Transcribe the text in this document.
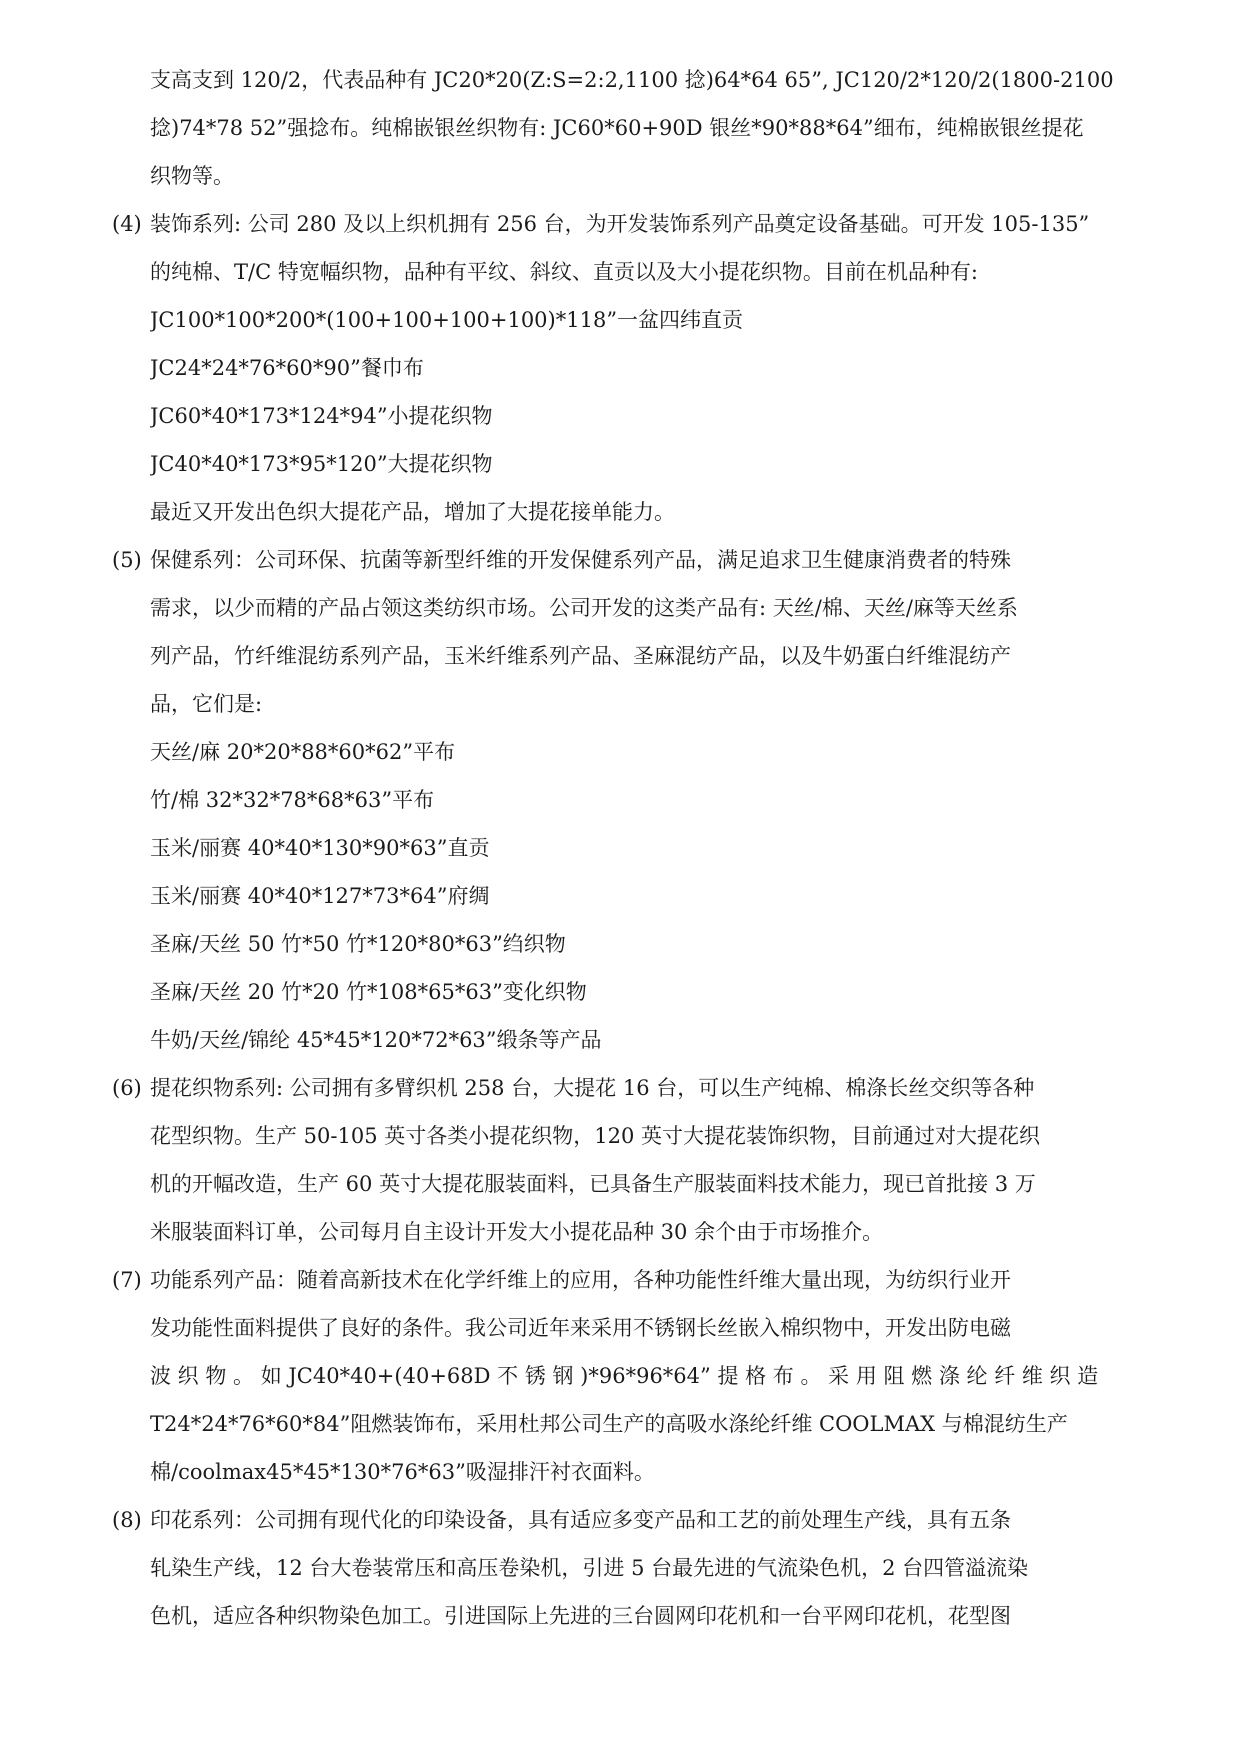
支高支到 120/2，代表品种有 JC20*20(Z:S=2:2,1100 捻)64*64 65”, JC120/2*120/2(1800-2100
捻)74*78 52”强捻布。纯棉嵌银丝织物有: JC60*60+90D 银丝*90*88*64”细布，纯棉嵌银丝提花
织物等。
(4) 装饰系列: 公司 280 及以上织机拥有 256 台，为开发装饰系列产品奠定设备基础。可开发 105-135”
的纯棉、T/C 特宽幅织物，品种有平纹、斜纹、直贡以及大小提花织物。目前在机品种有:
JC100*100*200*(100+100+100+100)*118”一盆四纬直贡
JC24*24*76*60*90”餐巾布
JC60*40*173*124*94”小提花织物
JC40*40*173*95*120”大提花织物
最近又开发出色织大提花产品，增加了大提花接单能力。
(5) 保健系列：公司环保、抗菌等新型纤维的开发保健系列产品，满足追求卫生健康消费者的特殊
需求，以少而精的产品占领这类纺织市场。公司开发的这类产品有: 天丝/棉、天丝/麻等天丝系
列产品，竹纤维混纺系列产品，玉米纤维系列产品、圣麻混纺产品，以及牛奶蛋白纤维混纺产
品，它们是:
天丝/麻 20*20*88*60*62”平布
竹/棉 32*32*78*68*63”平布
玉米/丽赛 40*40*130*90*63”直贡
玉米/丽赛 40*40*127*73*64”府绸
圣麻/天丝 50 竹*50 竹*120*80*63”绉织物
圣麻/天丝 20 竹*20 竹*108*65*63”变化织物
牛奶/天丝/锦纶 45*45*120*72*63”缎条等产品
(6) 提花织物系列: 公司拥有多臂织机 258 台，大提花 16 台，可以生产纯棉、棉涤长丝交织等各种
花型织物。生产 50-105 英寸各类小提花织物，120 英寸大提花装饰织物，目前通过对大提花织
机的开幅改造，生产 60 英寸大提花服装面料，已具备生产服装面料技术能力，现已首批接 3 万
米服装面料订单，公司每月自主设计开发大小提花品种 30 余个由于市场推介。
(7) 功能系列产品：随着高新技术在化学纤维上的应用，各种功能性纤维大量出现，为纺织行业开
发功能性面料提供了良好的条件。我公司近年来采用不锈钢长丝嵌入棉织物中，开发出防电磁
波 织 物 。 如 JC40*40+(40+68D 不 锈 钢 )*96*96*64” 提 格 布 。 采 用 阻 燃 涤 纶 纤 维 织 造
T24*24*76*60*84”阻燃装饰布，采用杜邦公司生产的高吸水涤纶纤维 COOLMAX 与棉混纺生产
棉/coolmax45*45*130*76*63”吸湿排汗衬衣面料。
(8) 印花系列：公司拥有现代化的印染设备，具有适应多变产品和工艺的前处理生产线，具有五条
轧染生产线，12 台大卷装常压和高压卷染机，引进 5 台最先进的气流染色机，2 台四管溢流染
色机，适应各种织物染色加工。引进国际上先进的三台圆网印花机和一台平网印花机，花型图
